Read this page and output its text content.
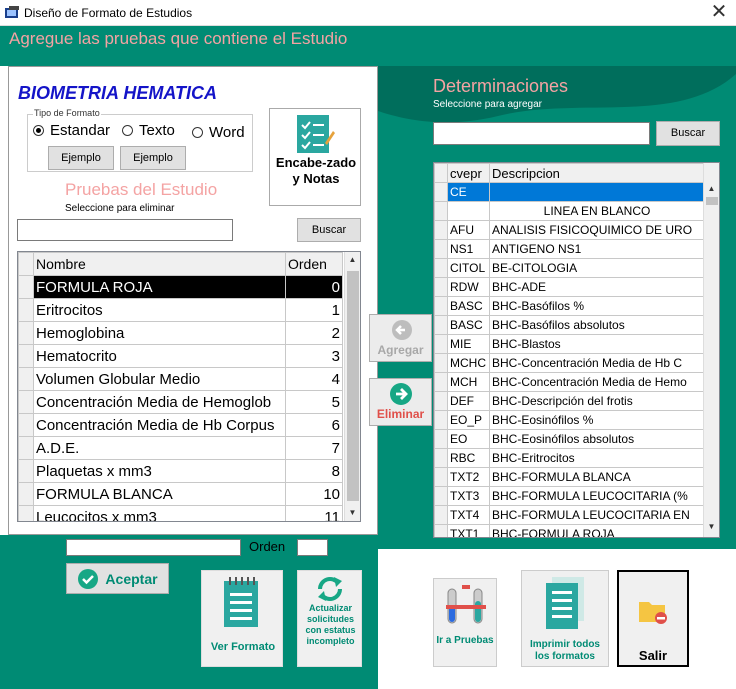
Diseño de Formato de Estudios	✕
Agregue las pruebas que contiene el Estudio
BIOMETRIA HEMATICA
Tipo de Formato
Estandar Texto Word
Ejemplo	Ejemplo	Encabe-zado y Notas
Pruebas del Estudio
Seleccione para eliminar
Buscar
	Nombre	Orden
	FORMULA ROJA	0
	Eritrocitos	1
	Hemoglobina	2
	Hematocrito	3
	Volumen Globular Medio	4
	Concentración Media de Hemoglob	5
	Concentración Media de Hb Corpus	6
	A.D.E.	7
	Plaquetas x mm3	8
	FORMULA BLANCA	10
	Leucocitos x mm3	11
▲
▼
Orden
Aceptar
Ver Formato
Actualizar solicitudes con estatus incompleto
Agregar
Eliminar
Determinaciones
Seleccione para agregar
Buscar
	cvepr	Descripcion
	CE	
		LINEA EN BLANCO
	AFU	ANALISIS FISICOQUIMICO DE URO
	NS1	ANTIGENO NS1
	CITOL	BE-CITOLOGIA
	RDW	BHC-ADE
	BASC	BHC-Basófilos %
	BASC	BHC-Basófilos absolutos
	MIE	BHC-Blastos
	MCHC	BHC-Concentración Media de Hb C
	MCH	BHC-Concentración Media de Hemo
	DEF	BHC-Descripción del frotis
	EO_P	BHC-Eosinófilos %
	EO	BHC-Eosinófilos absolutos
	RBC	BHC-Eritrocitos
	TXT2	BHC-FORMULA BLANCA
	TXT3	BHC-FORMULA LEUCOCITARIA (%
	TXT4	BHC-FORMULA LEUCOCITARIA EN
	TXT1	BHC-FORMULA ROJA
▲
▼
Ir a Pruebas	Imprimir todos los formatos	Salir
